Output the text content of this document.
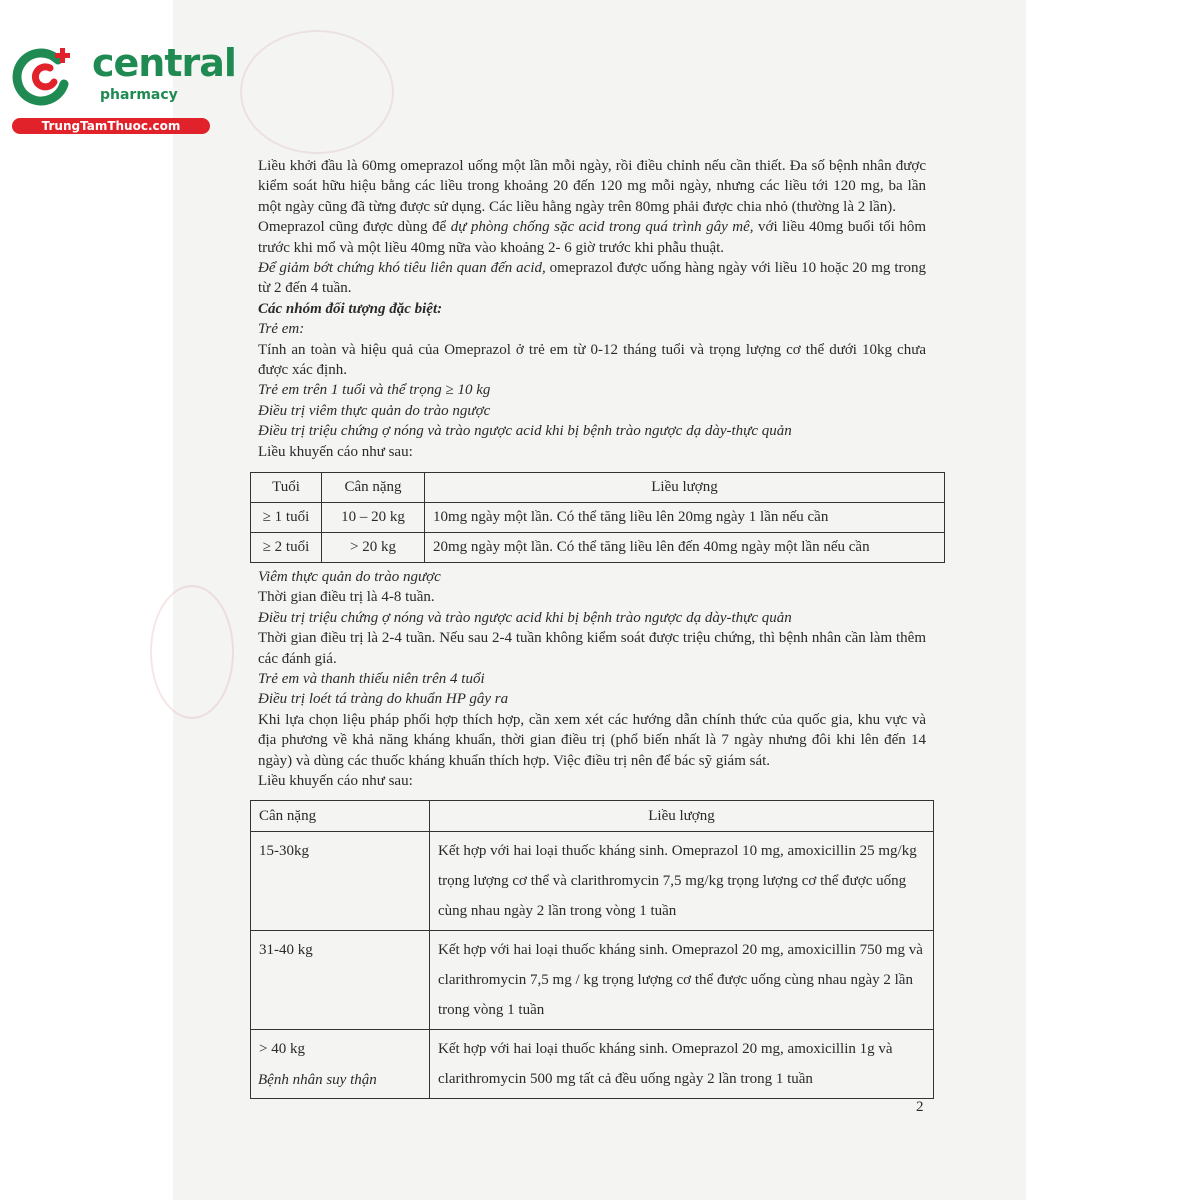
central
pharmacy
TrungTamThuoc.com

Liều khởi đầu là 60mg omeprazol uống một lần mỗi ngày, rồi điều chỉnh nếu cần thiết. Đa số bệnh nhân được kiểm soát hữu hiệu bằng các liều trong khoảng 20 đến 120 mg mỗi ngày, nhưng các liều tới 120 mg, ba lần một ngày cũng đã từng được sử dụng. Các liều hằng ngày trên 80mg phải được chia nhỏ (thường là 2 lần).

Omeprazol cũng được dùng để dự phòng chống sặc acid trong quá trình gây mê, với liều 40mg buổi tối hôm trước khi mổ và một liều 40mg nữa vào khoảng 2- 6 giờ trước khi phẫu thuật.

Để giảm bớt chứng khó tiêu liên quan đến acid, omeprazol được uống hàng ngày với liều 10 hoặc 20 mg trong từ 2 đến 4 tuần.

Các nhóm đối tượng đặc biệt:

Trẻ em:

Tính an toàn và hiệu quả của Omeprazol ở trẻ em từ 0-12 tháng tuổi và trọng lượng cơ thể dưới 10kg chưa được xác định.

Trẻ em trên 1 tuổi và thể trọng ≥ 10 kg

Điều trị viêm thực quản do trào ngược

Điều trị triệu chứng ợ nóng và trào ngược acid khi bị bệnh trào ngược dạ dày-thực quản

Liều khuyến cáo như sau:

Tuổi	Cân nặng	Liều lượng
≥ 1 tuổi	10 – 20 kg	10mg ngày một lần. Có thể tăng liều lên 20mg ngày 1 lần nếu cần
≥ 2 tuổi	> 20 kg	20mg ngày một lần. Có thể tăng liều lên đến 40mg ngày một lần nếu cần

Viêm thực quản do trào ngược

Thời gian điều trị là 4-8 tuần.

Điều trị triệu chứng ợ nóng và trào ngược acid khi bị bệnh trào ngược dạ dày-thực quản

Thời gian điều trị là 2-4 tuần. Nếu sau 2-4 tuần không kiểm soát được triệu chứng, thì bệnh nhân cần làm thêm các đánh giá.

Trẻ em và thanh thiếu niên trên 4 tuổi

Điều trị loét tá tràng do khuẩn HP gây ra

Khi lựa chọn liệu pháp phối hợp thích hợp, cần xem xét các hướng dẫn chính thức của quốc gia, khu vực và địa phương về khả năng kháng khuẩn, thời gian điều trị (phổ biến nhất là 7 ngày nhưng đôi khi lên đến 14 ngày) và dùng các thuốc kháng khuẩn thích hợp. Việc điều trị nên để bác sỹ giám sát.

Liều khuyến cáo như sau:

Cân nặng	Liều lượng
15-30kg	Kết hợp với hai loại thuốc kháng sinh. Omeprazol 10 mg, amoxicillin 25 mg/kg trọng lượng cơ thể và clarithromycin 7,5 mg/kg trọng lượng cơ thể được uống cùng nhau ngày 2 lần trong vòng 1 tuần
31-40 kg	Kết hợp với hai loại thuốc kháng sinh. Omeprazol 20 mg, amoxicillin 750 mg và clarithromycin 7,5 mg / kg trọng lượng cơ thể được uống cùng nhau ngày 2 lần trong vòng 1 tuần
> 40 kg	Kết hợp với hai loại thuốc kháng sinh. Omeprazol 20 mg, amoxicillin 1g và clarithromycin 500 mg tất cả đều uống ngày 2 lần trong 1 tuần
Bệnh nhân suy thận
2
